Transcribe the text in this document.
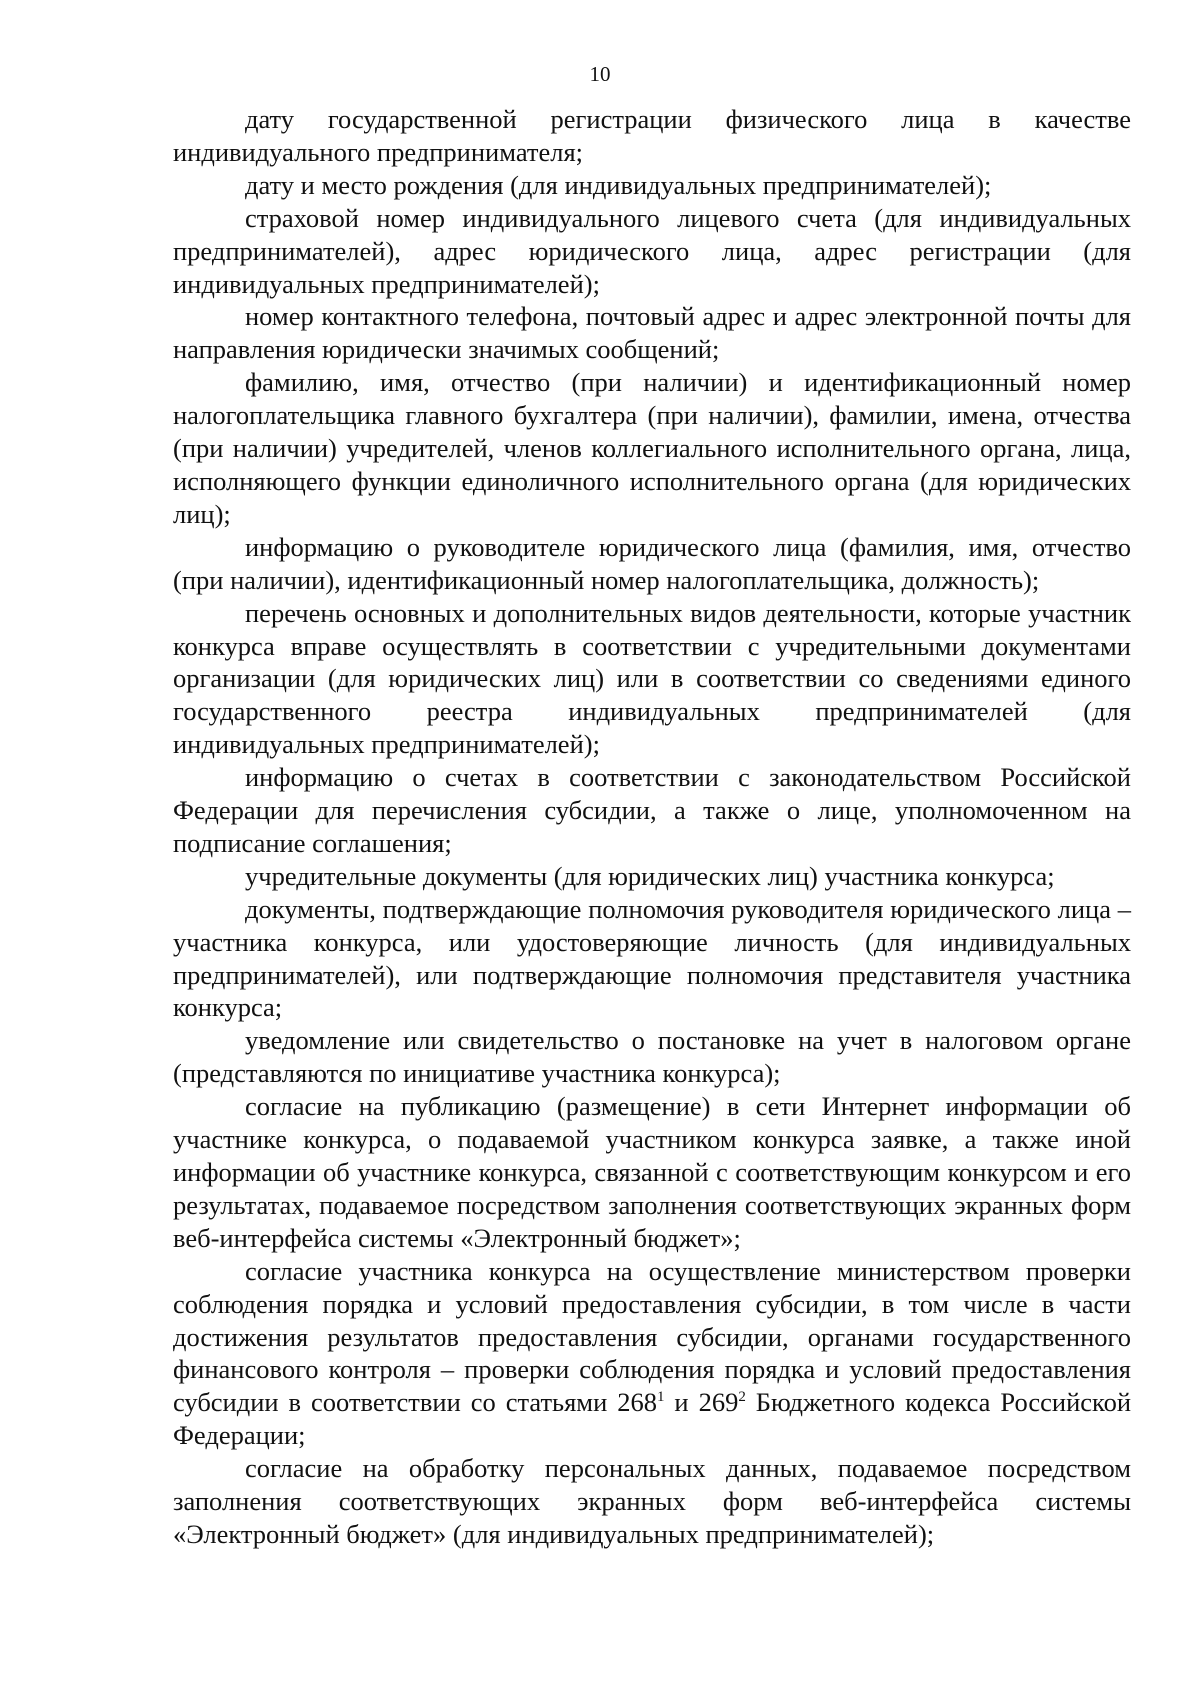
10

дату государственной регистрации физического лица в качестве индивидуального предпринимателя;

дату и место рождения (для индивидуальных предпринимателей);

страховой номер индивидуального лицевого счета (для индивидуальных предпринимателей), адрес юридического лица, адрес регистрации (для индивидуальных предпринимателей);

номер контактного телефона, почтовый адрес и адрес электронной почты для направления юридически значимых сообщений;

фамилию, имя, отчество (при наличии) и идентификационный номер налогоплательщика главного бухгалтера (при наличии), фамилии, имена, отчества (при наличии) учредителей, членов коллегиального исполнительного органа, лица, исполняющего функции единоличного исполнительного органа (для юридических лиц);

информацию о руководителе юридического лица (фамилия, имя, отчество (при наличии), идентификационный номер налогоплательщика, должность);

перечень основных и дополнительных видов деятельности, которые участник конкурса вправе осуществлять в соответствии с учредительными документами организации (для юридических лиц) или в соответствии со сведениями единого государственного реестра индивидуальных предпринимателей (для индивидуальных предпринимателей);

информацию о счетах в соответствии с законодательством Российской Федерации для перечисления субсидии, а также о лице, уполномоченном на подписание соглашения;

учредительные документы (для юридических лиц) участника конкурса;

документы, подтверждающие полномочия руководителя юридического лица – участника конкурса, или удостоверяющие личность (для индивидуальных предпринимателей), или подтверждающие полномочия представителя участника конкурса;

уведомление или свидетельство о постановке на учет в налоговом органе (представляются по инициативе участника конкурса);

согласие на публикацию (размещение) в сети Интернет информации об участнике конкурса, о подаваемой участником конкурса заявке, а также иной информации об участнике конкурса, связанной с соответствующим конкурсом и его результатах, подаваемое посредством заполнения соответствующих экранных форм веб-интерфейса системы «Электронный бюджет»;

согласие участника конкурса на осуществление министерством проверки соблюдения порядка и условий предоставления субсидии, в том числе в части достижения результатов предоставления субсидии, органами государственного финансового контроля – проверки соблюдения порядка и условий предоставления субсидии в соответствии со статьями $268^1$ и $269^2$ Бюджетного кодекса Российской Федерации;

согласие на обработку персональных данных, подаваемое посредством заполнения соответствующих экранных форм веб-интерфейса системы «Электронный бюджет» (для индивидуальных предпринимателей);
